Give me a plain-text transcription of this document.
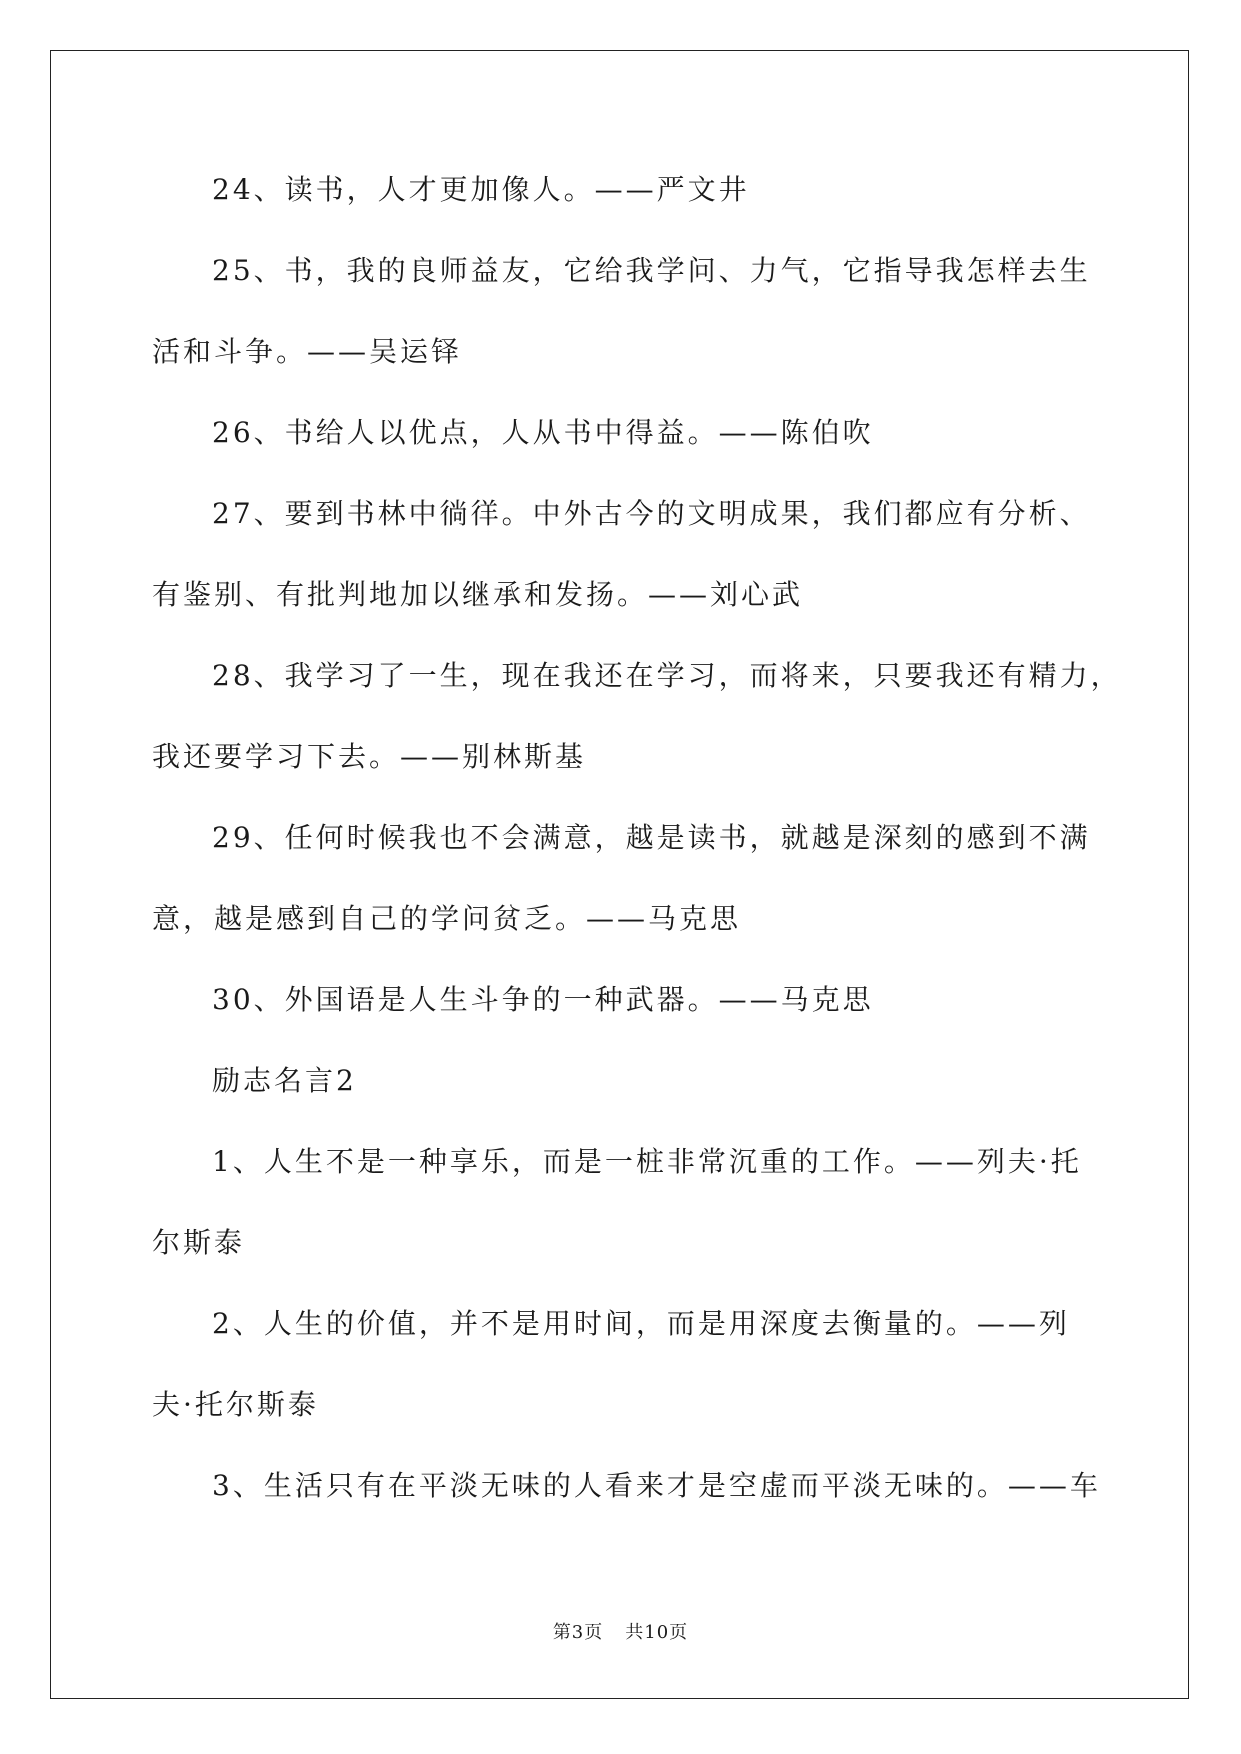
24、读书，人才更加像人。——严文井
25、书，我的良师益友，它给我学问、力气，它指导我怎样去生
活和斗争。——吴运铎
26、书给人以优点，人从书中得益。——陈伯吹
27、要到书林中徜徉。中外古今的文明成果，我们都应有分析、
有鉴别、有批判地加以继承和发扬。——刘心武
28、我学习了一生，现在我还在学习，而将来，只要我还有精力，
我还要学习下去。——别林斯基
29、任何时候我也不会满意，越是读书，就越是深刻的感到不满
意，越是感到自己的学问贫乏。——马克思
30、外国语是人生斗争的一种武器。——马克思
励志名言2
1、人生不是一种享乐，而是一桩非常沉重的工作。——列夫·托
尔斯泰
2、人生的价值，并不是用时间，而是用深度去衡量的。——列
夫·托尔斯泰
3、生活只有在平淡无味的人看来才是空虚而平淡无味的。——车
第3页 共10页
